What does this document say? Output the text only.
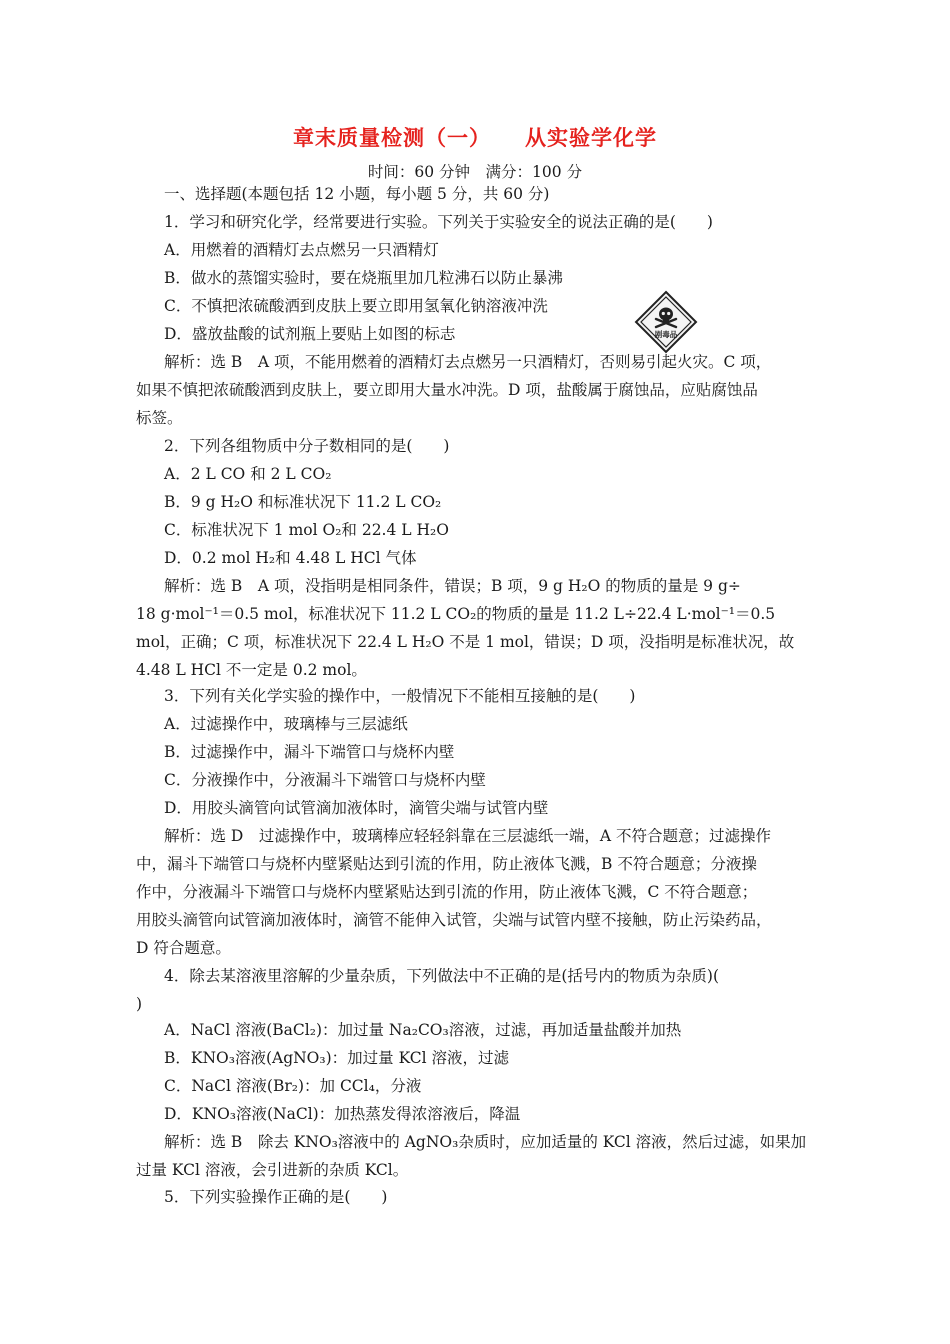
章末质量检测（一） 从实验学化学
时间：60 分钟　满分：100 分
一、选择题(本题包括 12 小题，每小题 5 分，共 60 分)
1．学习和研究化学，经常要进行实验。下列关于实验安全的说法正确的是(　　)
A．用燃着的酒精灯去点燃另一只酒精灯
B．做水的蒸馏实验时，要在烧瓶里加几粒沸石以防止暴沸
C．不慎把浓硫酸洒到皮肤上要立即用氢氧化钠溶液冲洗
D．盛放盐酸的试剂瓶上要贴上如图的标志	剧毒品
解析：选 B　A 项，不能用燃着的酒精灯去点燃另一只酒精灯，否则易引起火灾。C 项，
如果不慎把浓硫酸洒到皮肤上，要立即用大量水冲洗。D 项，盐酸属于腐蚀品，应贴腐蚀品
标签。
2．下列各组物质中分子数相同的是(　　)
A．2 L CO 和 2 L CO₂
B．9 g H₂O 和标准状况下 11.2 L CO₂
C．标准状况下 1 mol O₂和 22.4 L H₂O
D．0.2 mol H₂和 4.48 L HCl 气体
解析：选 B　A 项，没指明是相同条件，错误；B 项，9 g H₂O 的物质的量是 9 g÷
18 g·mol⁻¹＝0.5 mol，标准状况下 11.2 L CO₂的物质的量是 11.2 L÷22.4 L·mol⁻¹＝0.5
mol，正确；C 项，标准状况下 22.4 L H₂O 不是 1 mol，错误；D 项，没指明是标准状况，故
4.48 L HCl 不一定是 0.2 mol。
3．下列有关化学实验的操作中，一般情况下不能相互接触的是(　　)
A．过滤操作中，玻璃棒与三层滤纸
B．过滤操作中，漏斗下端管口与烧杯内壁
C．分液操作中，分液漏斗下端管口与烧杯内壁
D．用胶头滴管向试管滴加液体时，滴管尖端与试管内壁
解析：选 D　过滤操作中，玻璃棒应轻轻斜靠在三层滤纸一端，A 不符合题意；过滤操作
中，漏斗下端管口与烧杯内壁紧贴达到引流的作用，防止液体飞溅，B 不符合题意；分液操
作中，分液漏斗下端管口与烧杯内壁紧贴达到引流的作用，防止液体飞溅，C 不符合题意；
用胶头滴管向试管滴加液体时，滴管不能伸入试管，尖端与试管内壁不接触，防止污染药品，
D 符合题意。
4．除去某溶液里溶解的少量杂质，下列做法中不正确的是(括号内的物质为杂质)(
)
A．NaCl 溶液(BaCl₂)：加过量 Na₂CO₃溶液，过滤，再加适量盐酸并加热
B．KNO₃溶液(AgNO₃)：加过量 KCl 溶液，过滤
C．NaCl 溶液(Br₂)：加 CCl₄，分液
D．KNO₃溶液(NaCl)：加热蒸发得浓溶液后，降温
解析：选 B　除去 KNO₃溶液中的 AgNO₃杂质时，应加适量的 KCl 溶液，然后过滤，如果加
过量 KCl 溶液，会引进新的杂质 KCl。
5．下列实验操作正确的是(　　)
